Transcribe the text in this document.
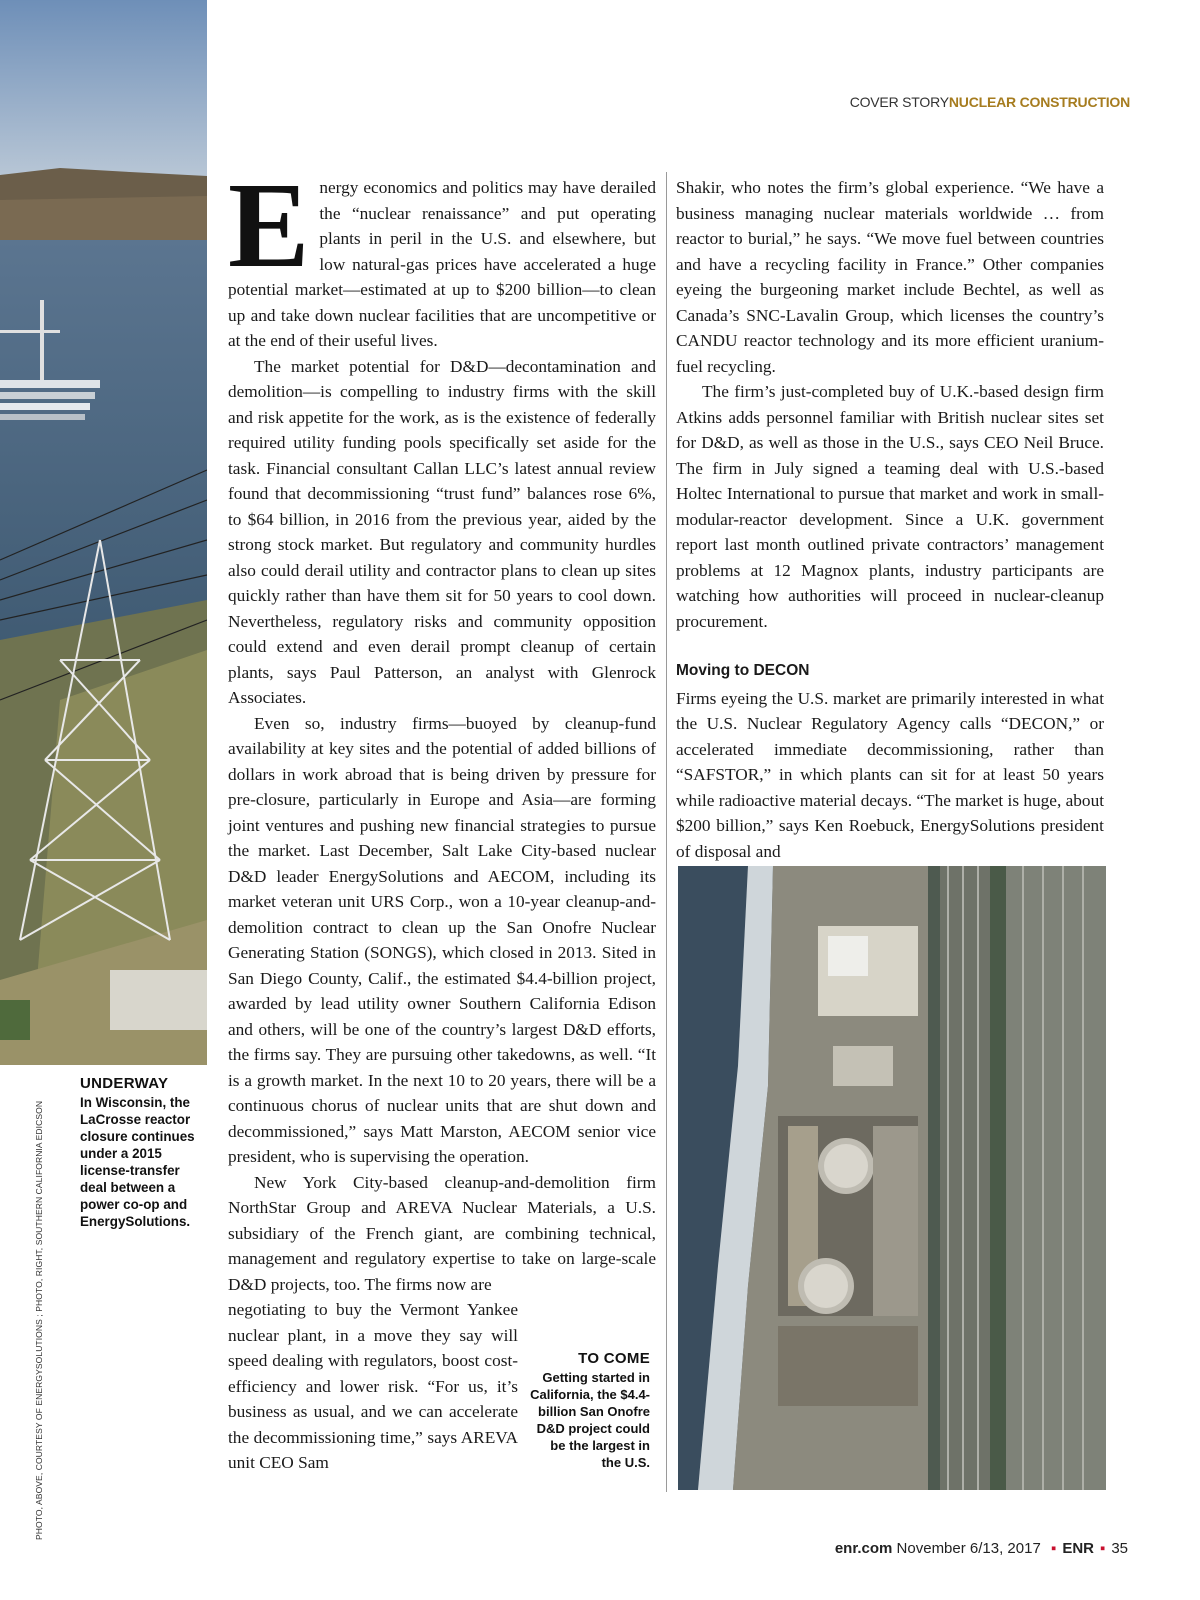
PHOTO, ABOVE, COURTESY OF ENERGYSOLUTIONS ; PHOTO, RIGHT, SOUTHERN CALIFORNIA EDICSON
UNDERWAY
In Wisconsin, the LaCrosse reactor closure continues under a 2015 license-transfer deal between a power co-op and EnergySolutions.
COVER STORYNUCLEAR CONSTRUCTION

Energy economics and politics may have derailed the “nuclear renaissance” and put operating plants in peril in the U.S. and elsewhere, but low natural-gas prices have accelerated a huge potential market—estimated at up to $200 billion—to clean up and take down nuclear facilities that are uncompetitive or at the end of their useful lives.

The market potential for D&D—decontamination and demolition—is compelling to industry firms with the skill and risk appetite for the work, as is the existence of federally required utility funding pools specifically set aside for the task. Financial consultant Callan LLC’s latest annual review found that decommissioning “trust fund” balances rose 6%, to $64 billion, in 2016 from the previous year, aided by the strong stock market. But regulatory and community hurdles also could derail utility and contractor plans to clean up sites quickly rather than have them sit for 50 years to cool down. Nevertheless, regulatory risks and community opposition could extend and even derail prompt cleanup of certain plants, says Paul Patterson, an analyst with Glenrock Associates.

Even so, industry firms—buoyed by cleanup-fund availability at key sites and the potential of added billions of dollars in work abroad that is being driven by pressure for pre-closure, particularly in Europe and Asia—are forming joint ventures and pushing new financial strategies to pursue the market. Last December, Salt Lake City-based nuclear D&D leader EnergySolutions and AECOM, including its market veteran unit URS Corp., won a 10-year cleanup-and-demolition contract to clean up the San Onofre Nuclear Generating Station (SONGS), which closed in 2013. Sited in San Diego County, Calif., the estimated $4.4-billion project, awarded by lead utility owner Southern California Edison and others, will be one of the country’s largest D&D efforts, the firms say. They are pursuing other takedowns, as well. “It is a growth market. In the next 10 to 20 years, there will be a continuous chorus of nuclear units that are shut down and decommissioned,” says Matt Marston, AECOM senior vice president, who is supervising the operation.

New York City-based cleanup-and-demolition firm NorthStar Group and AREVA Nuclear Materials, a U.S. subsidiary of the French giant, are combining technical, management and regulatory expertise to take on large-scale D&D projects, too. The firms now are

negotiating to buy the Vermont Yankee nuclear plant, in a move they say will speed dealing with regulators, boost cost-efficiency and lower risk. “For us, it’s business as usual, and we can accelerate the decommissioning time,” says AREVA unit CEO Sam

TO COME
Getting started in California, the $4.4-billion San Onofre D&D project could be the largest in the U.S.

Shakir, who notes the firm’s global experience. “We have a business managing nuclear materials worldwide … from reactor to burial,” he says. “We move fuel between countries and have a recycling facility in France.” Other companies eyeing the burgeoning market include Bechtel, as well as Canada’s SNC-Lavalin Group, which licenses the country’s CANDU reactor technology and its more efficient uranium-fuel recycling.

The firm’s just-completed buy of U.K.-based design firm Atkins adds personnel familiar with British nuclear sites set for D&D, as well as those in the U.S., says CEO Neil Bruce. The firm in July signed a teaming deal with U.S.-based Holtec International to pursue that market and work in small-modular-reactor development. Since a U.K. government report last month outlined private contractors’ management problems at 12 Magnox plants, industry participants are watching how authorities will proceed in nuclear-cleanup procurement.

Moving to DECON

Firms eyeing the U.S. market are primarily interested in what the U.S. Nuclear Regulatory Agency calls “DECON,” or accelerated immediate decommissioning, rather than “SAFSTOR,” in which plants can sit for at least 50 years while radioactive material decays. “The market is huge, about $200 billion,” says Ken Roebuck, EnergySolutions president of disposal and

enr.com November 6/13, 2017 ▪ ENR ▪ 35
